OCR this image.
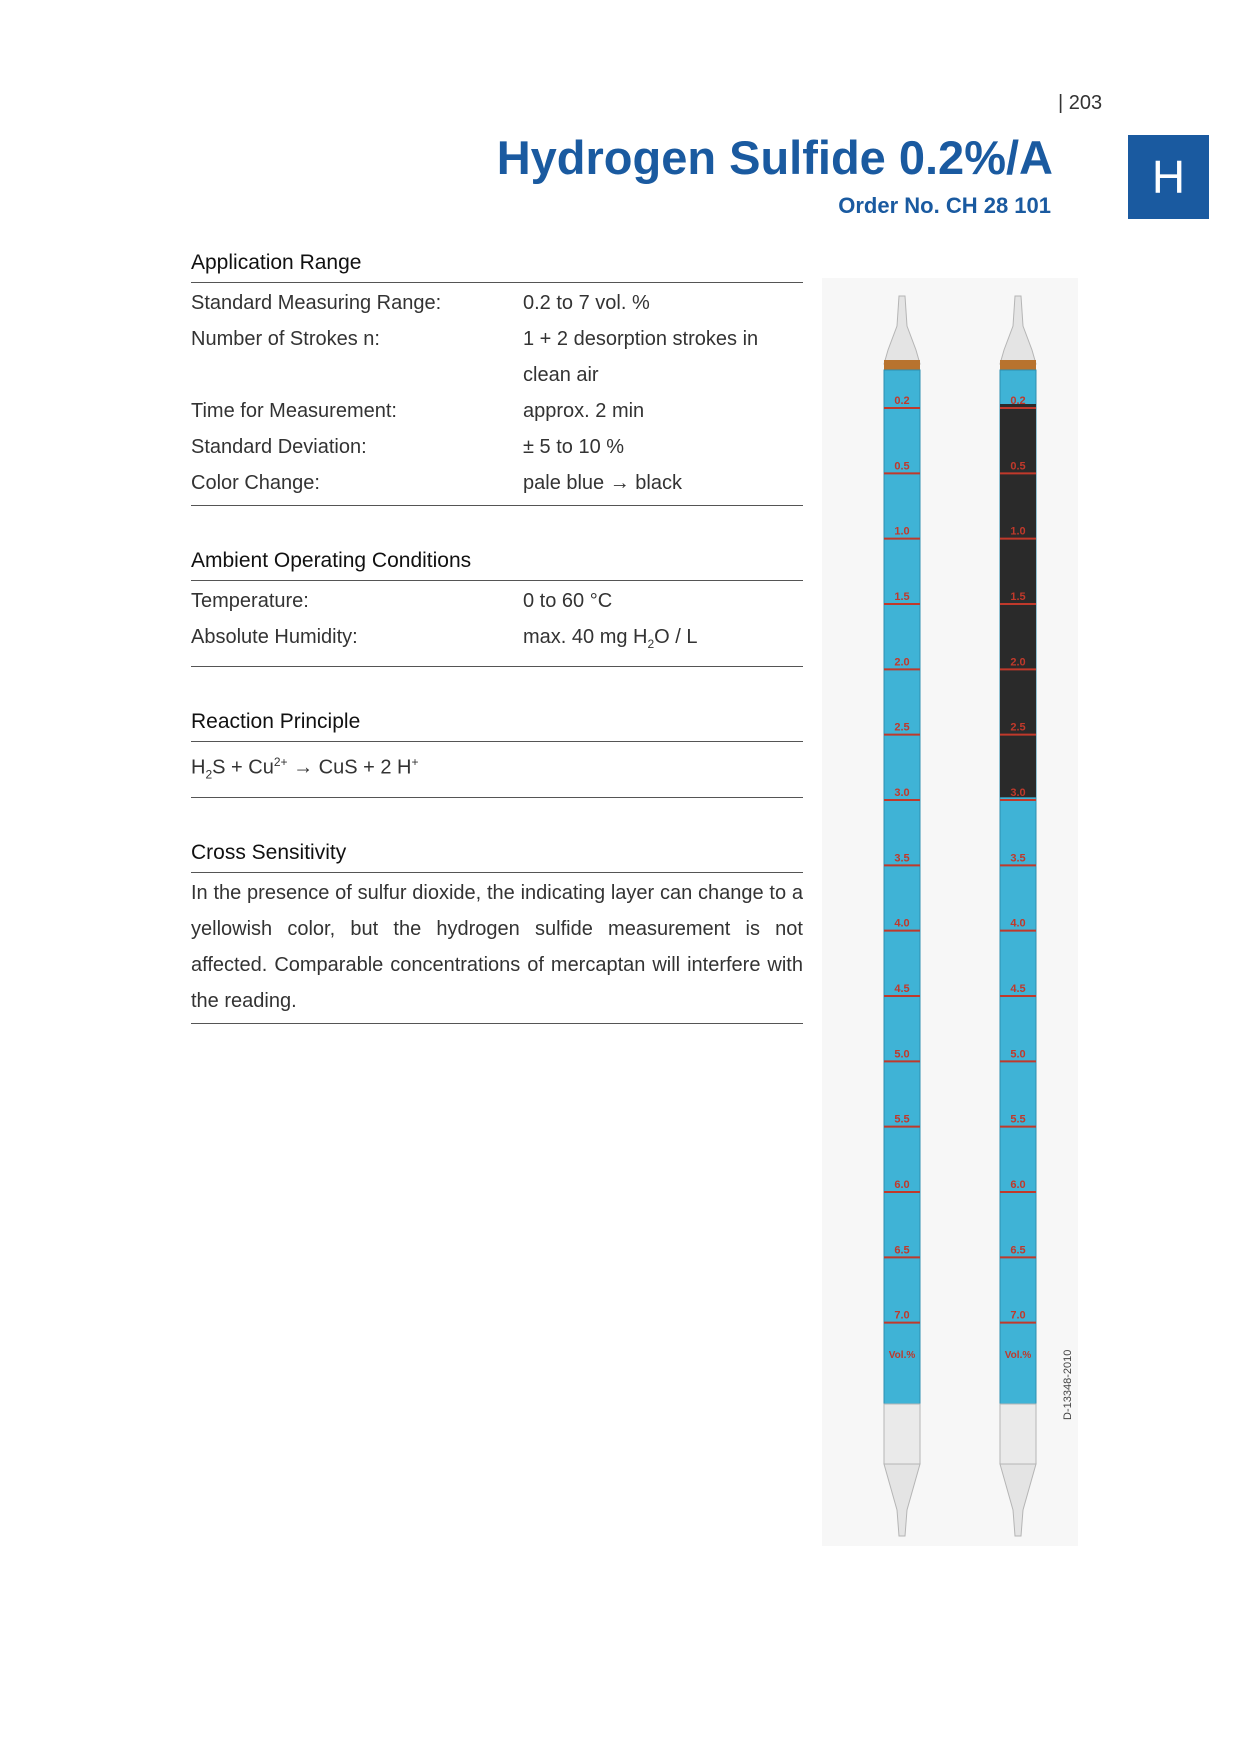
| 203
Hydrogen Sulfide 0.2%/A
Order No. CH 28 101
H
Application Range
Standard Measuring Range:	0.2 to 7 vol. %
Number of Strokes n:	1 + 2 desorption strokes in clean air
Time for Measurement:	approx. 2 min
Standard Deviation:	± 5 to 10 %
Color Change:	pale blue → black
Ambient Operating Conditions
Temperature:	0 to 60 °C
Absolute Humidity:	max. 40 mg $H_2O$ / L
Reaction Principle
$H_2S + Cu^{2+}$ → CuS + 2 H+
Cross Sensitivity
In the presence of sulfur dioxide, the indicating layer can change to a yellowish color, but the hydrogen sulfide measurement is not affected. Comparable concentrations of mercaptan will interfere with the reading.
0.2
0.5
1.0
1.5
2.0
2.5
3.0
3.5
4.0
4.5
5.0
5.5
6.0
6.5
7.0
Vol.%
0.2
0.5
1.0
1.5
2.0
2.5
3.0
3.5
4.0
4.5
5.0
5.5
6.0
6.5
7.0
Vol.%	D-13348-2010
